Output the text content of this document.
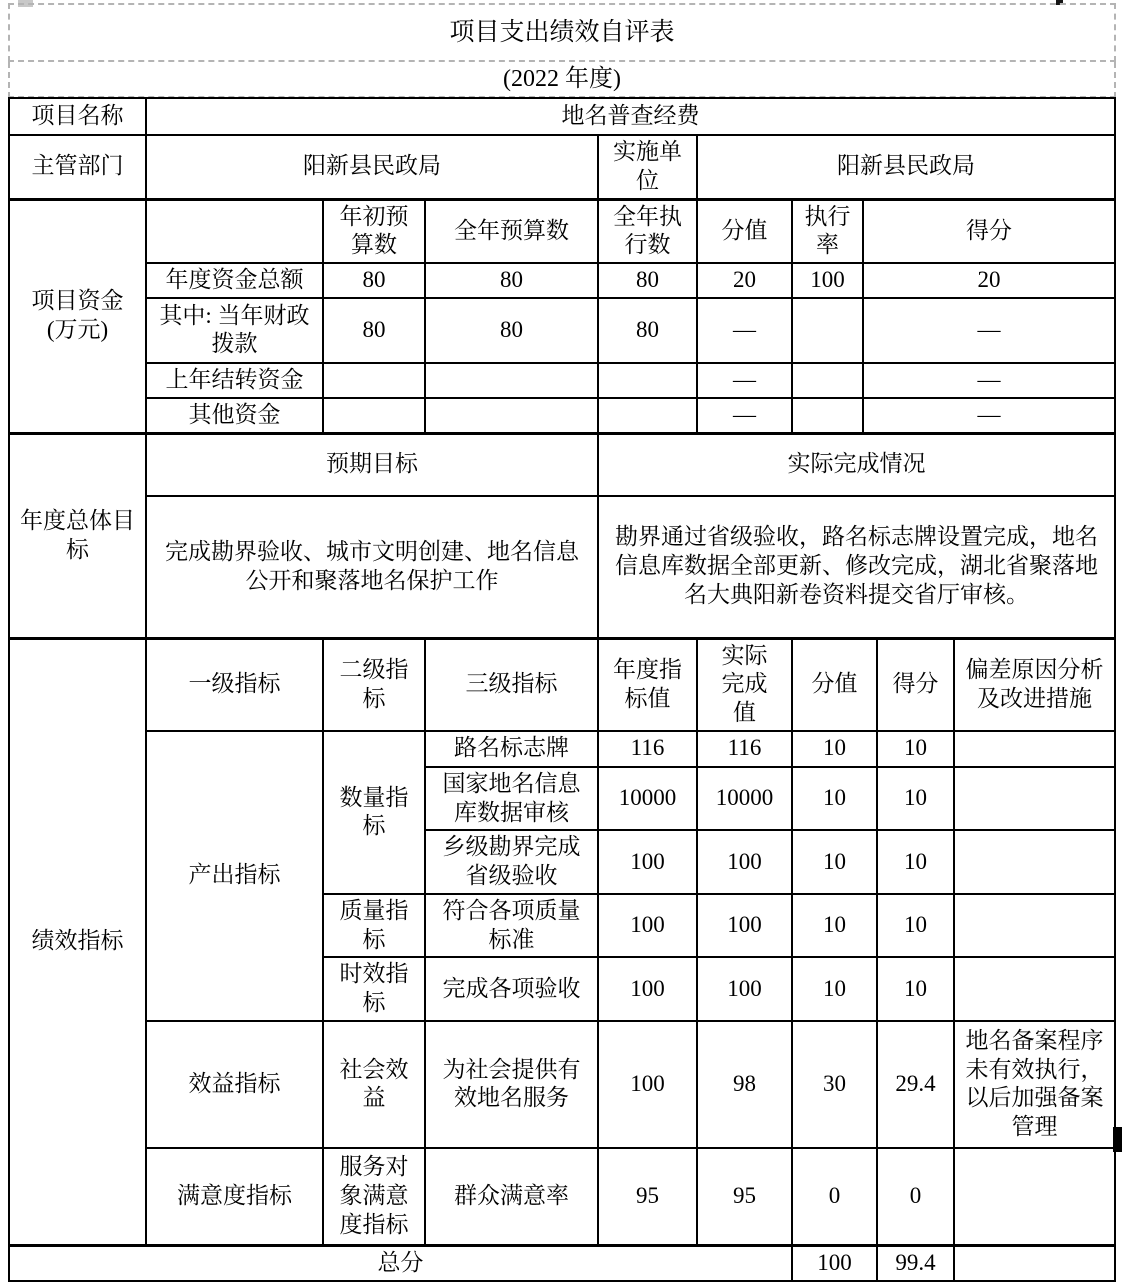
项目支出绩效自评表
(2022 年度)
项目名称	地名普查经费		
主管部门	阳新县民政局	实施单位	阳新县民政局
项目资金 (万元)		年初预算数	全年预算数	全年执行数	分值	执行率	得分
	年度资金总额	80	80	80	20	100	20
	其中: 当年财政拨款	80	80	80	—		—
	上年结转资金				—		—
	其他资金				—		—
年度总体目标	预期目标	实际完成情况
	完成勘界验收、城市文明创建、地名信息公开和聚落地名保护工作	勘界通过省级验收，路名标志牌设置完成，地名信息库数据全部更新、修改完成，湖北省聚落地名大典阳新卷资料提交省厅审核。
绩效指标	一级指标	二级指标	三级指标	年度指标值	实际完成值	分值	得分	偏差原因分析及改进措施
	产出指标	数量指标	路名标志牌	116	116	10	10	
			国家地名信息库数据审核	10000	10000	10	10	
			乡级勘界完成省级验收	100	100	10	10	
		质量指标	符合各项质量标准	100	100	10	10	
		时效指标	完成各项验收	100	100	10	10	
	效益指标	社会效益	为社会提供有效地名服务	100	98	30	29.4	地名备案程序未有效执行，以后加强备案管理
	满意度指标	服务对象满意度指标	群众满意率	95	95	0	0	
总分	100	99.4	
